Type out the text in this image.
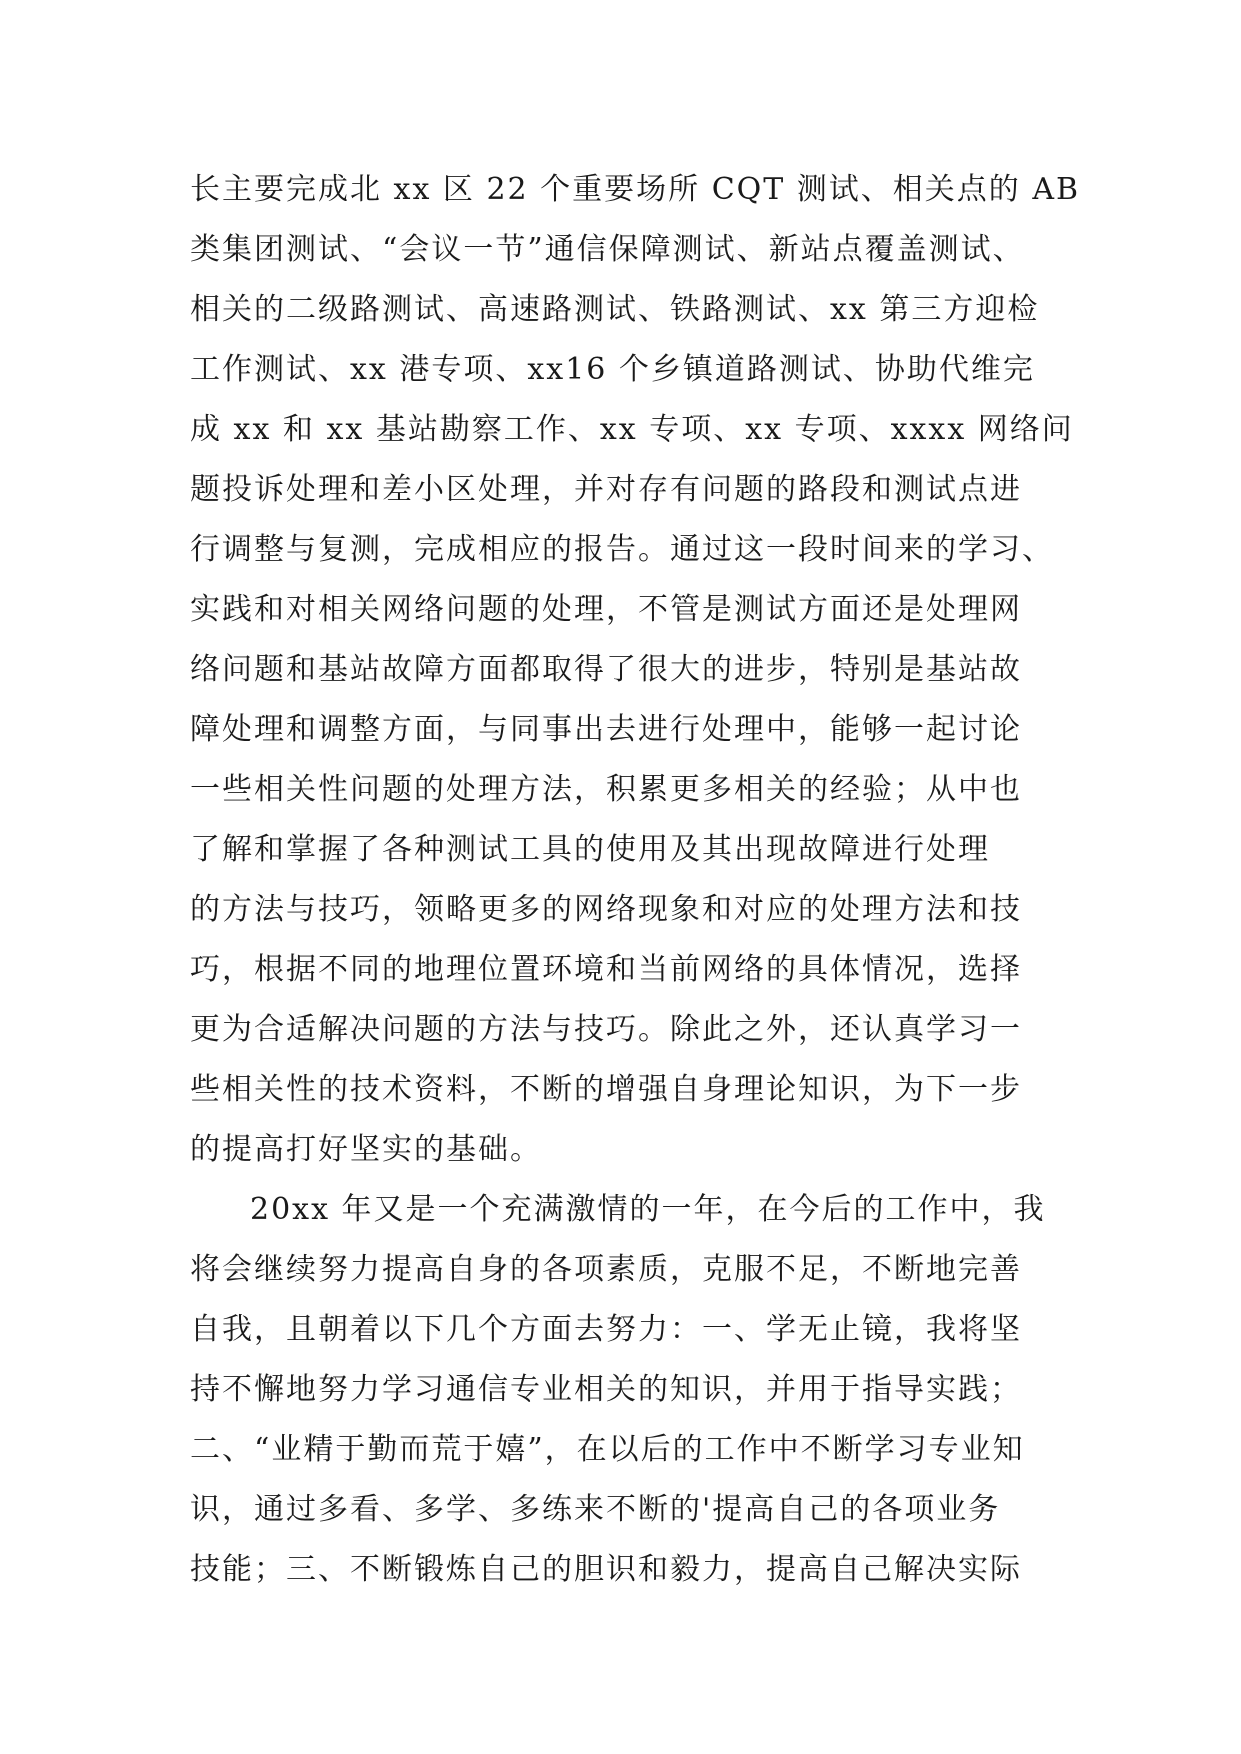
长主要完成北 xx 区 22 个重要场所 CQT 测试、相关点的 AB
类集团测试、“会议一节”通信保障测试、新站点覆盖测试、
相关的二级路测试、高速路测试、铁路测试、xx 第三方迎检
工作测试、xx 港专项、xx16 个乡镇道路测试、协助代维完
成 xx 和 xx 基站勘察工作、xx 专项、xx 专项、xxxx 网络问
题投诉处理和差小区处理，并对存有问题的路段和测试点进
行调整与复测，完成相应的报告。通过这一段时间来的学习、
实践和对相关网络问题的处理，不管是测试方面还是处理网
络问题和基站故障方面都取得了很大的进步，特别是基站故
障处理和调整方面，与同事出去进行处理中，能够一起讨论
一些相关性问题的处理方法，积累更多相关的经验；从中也
了解和掌握了各种测试工具的使用及其出现故障进行处理
的方法与技巧，领略更多的网络现象和对应的处理方法和技
巧，根据不同的地理位置环境和当前网络的具体情况，选择
更为合适解决问题的方法与技巧。除此之外，还认真学习一
些相关性的技术资料，不断的增强自身理论知识，为下一步
的提高打好坚实的基础。
20xx 年又是一个充满激情的一年，在今后的工作中，我
将会继续努力提高自身的各项素质，克服不足，不断地完善
自我，且朝着以下几个方面去努力：一、学无止镜，我将坚
持不懈地努力学习通信专业相关的知识，并用于指导实践；
二、“业精于勤而荒于嬉”，在以后的工作中不断学习专业知
识，通过多看、多学、多练来不断的'提高自己的各项业务
技能；三、不断锻炼自己的胆识和毅力，提高自己解决实际
